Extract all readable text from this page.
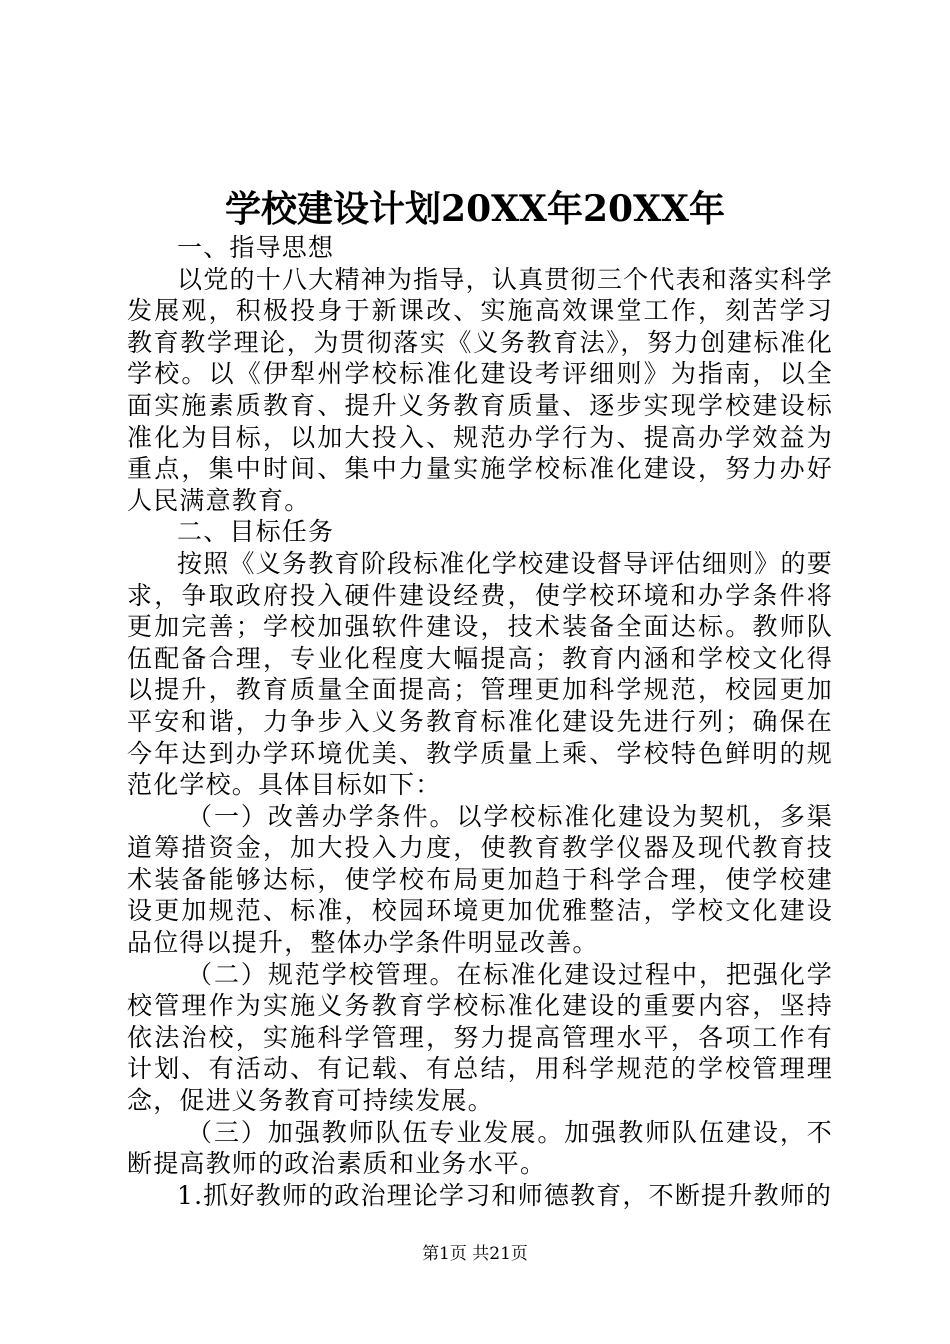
学校建设计划20XX年20XX年

一、指导思想

以党的十八大精神为指导，认真贯彻三个代表和落实科学发展观，积极投身于新课改、实施高效课堂工作，刻苦学习教育教学理论，为贯彻落实《义务教育法》，努力创建标准化学校。以《伊犁州学校标准化建设考评细则》为指南，以全面实施素质教育、提升义务教育质量、逐步实现学校建设标准化为目标，以加大投入、规范办学行为、提高办学效益为重点，集中时间、集中力量实施学校标准化建设，努力办好人民满意教育。

二、目标任务

按照《义务教育阶段标准化学校建设督导评估细则》的要求，争取政府投入硬件建设经费，使学校环境和办学条件将更加完善；学校加强软件建设，技术装备全面达标。教师队伍配备合理，专业化程度大幅提高；教育内涵和学校文化得以提升，教育质量全面提高；管理更加科学规范，校园更加平安和谐，力争步入义务教育标准化建设先进行列；确保在今年达到办学环境优美、教学质量上乘、学校特色鲜明的规范化学校。具体目标如下：

（一）改善办学条件。以学校标准化建设为契机，多渠道筹措资金，加大投入力度，使教育教学仪器及现代教育技术装备能够达标，使学校布局更加趋于科学合理，使学校建设更加规范、标准，校园环境更加优雅整洁，学校文化建设品位得以提升，整体办学条件明显改善。

（二）规范学校管理。在标准化建设过程中，把强化学校管理作为实施义务教育学校标准化建设的重要内容，坚持依法治校，实施科学管理，努力提高管理水平，各项工作有计划、有活动、有记载、有总结，用科学规范的学校管理理念，促进义务教育可持续发展。

（三）加强教师队伍专业发展。加强教师队伍建设，不断提高教师的政治素质和业务水平。

1.抓好教师的政治理论学习和师德教育，不断提升教师的

第1页 共21页
